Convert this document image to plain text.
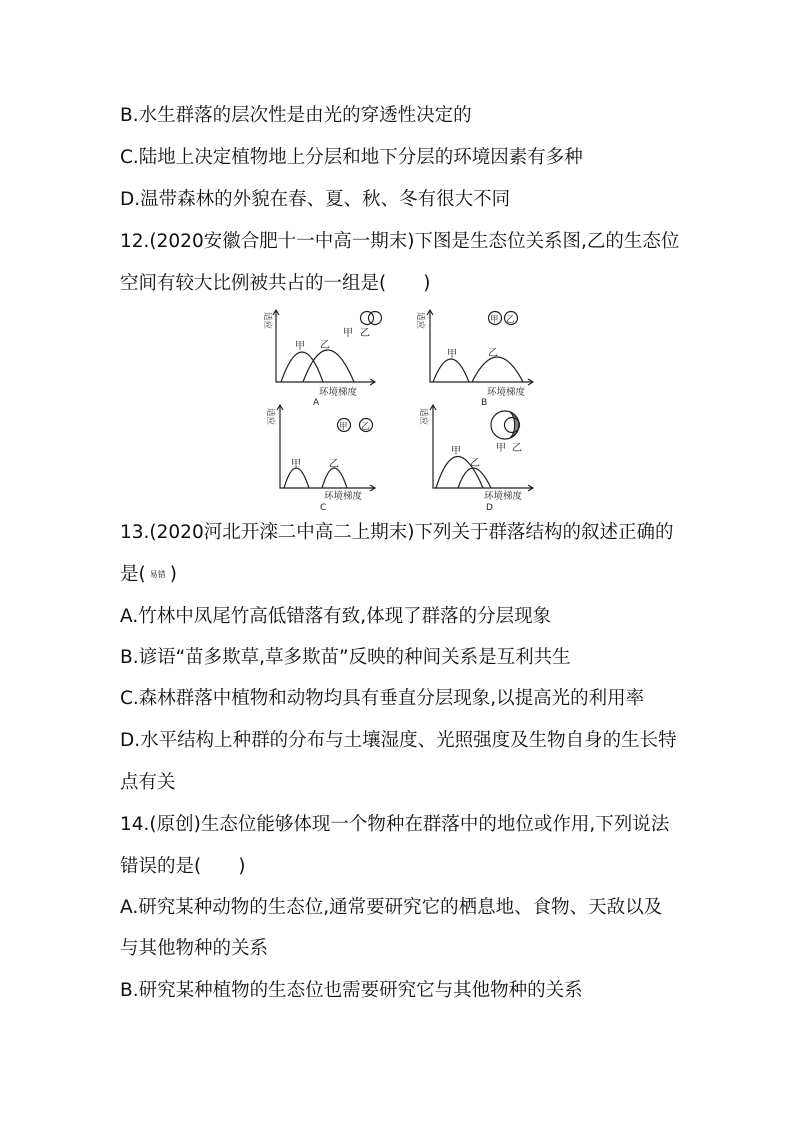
B.水生群落的层次性是由光的穿透性决定的
C.陆地上决定植物地上分层和地下分层的环境因素有多种
D.温带森林的外貌在春、夏、秋、冬有很大不同
12.(2020安徽合肥十一中高一期末)下图是生态位关系图,乙的生态位
空间有较大比例被共占的一组是(　　)
适应	适应
适应	适应
环境梯度	环境梯度
环境梯度	环境梯度
A	B
C	D
甲 乙
甲	乙
甲	乙
甲
乙
甲 乙
甲 乙
甲 乙
甲 乙
13.(2020河北开滦二中高二上期末)下列关于群落结构的叙述正确的
是( 易错 )
A.竹林中凤尾竹高低错落有致,体现了群落的分层现象
B.谚语“苗多欺草,草多欺苗”反映的种间关系是互利共生
C.森林群落中植物和动物均具有垂直分层现象,以提高光的利用率
D.水平结构上种群的分布与土壤湿度、光照强度及生物自身的生长特
点有关
14.(原创)生态位能够体现一个物种在群落中的地位或作用,下列说法
错误的是(　　)
A.研究某种动物的生态位,通常要研究它的栖息地、食物、天敌以及
与其他物种的关系
B.研究某种植物的生态位也需要研究它与其他物种的关系
